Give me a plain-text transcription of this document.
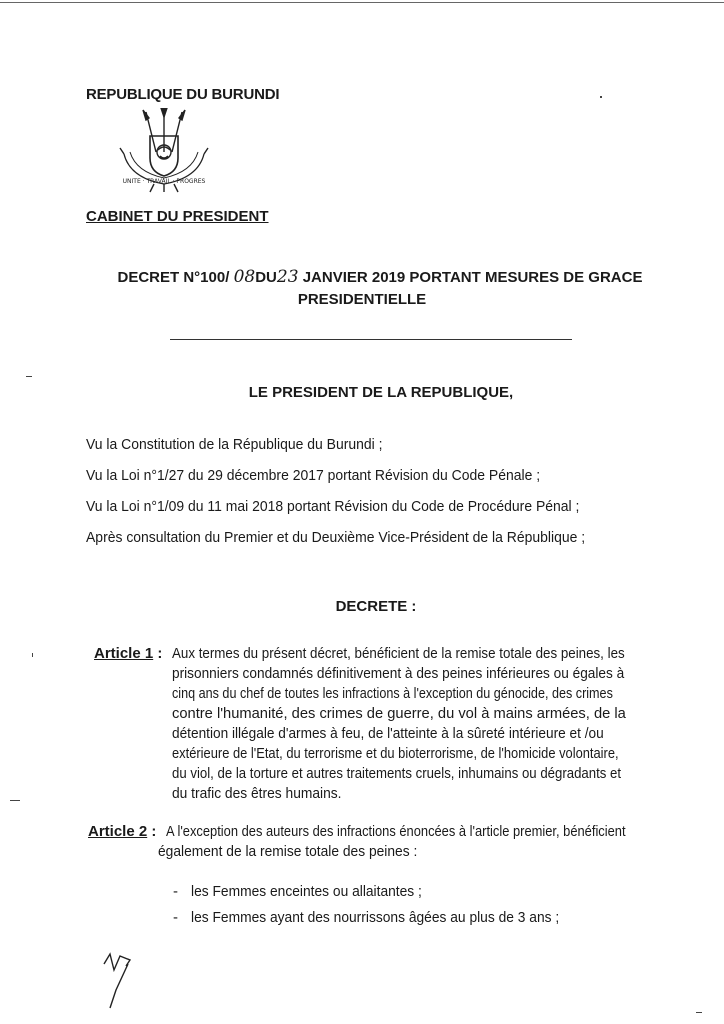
REPUBLIQUE DU BURUNDI
UNITE · TRAVAIL · PROGRES
CABINET DU PRESIDENT
DECRET N°100/ 08DU23 JANVIER 2019 PORTANT MESURES DE GRACE
PRESIDENTIELLE
LE PRESIDENT DE LA REPUBLIQUE,
Vu la Constitution de la République du Burundi ;
Vu la Loi n°1/27 du 29 décembre 2017 portant Révision du Code Pénale ;
Vu la Loi n°1/09 du 11 mai 2018 portant Révision du Code de Procédure Pénal ;
Après consultation du Premier et du Deuxième Vice-Président de la République ;
DECRETE :
Article 1 : Aux termes du présent décret, bénéficient de la remise totale des peines, les
prisonniers condamnés définitivement à des peines inférieures ou égales à
cinq ans du chef de toutes les infractions à l'exception du génocide, des crimes
contre l'humanité, des crimes de guerre, du vol à mains armées, de la
détention illégale d'armes à feu, de l'atteinte à la sûreté intérieure et /ou
extérieure de l'Etat, du terrorisme et du bioterrorisme, de l'homicide volontaire,
du viol, de la torture et autres traitements cruels, inhumains ou dégradants et
du trafic des êtres humains.
Article 2 : A l'exception des auteurs des infractions énoncées à l'article premier, bénéficient
également de la remise totale des peines :
- les Femmes enceintes ou allaitantes ;
- les Femmes ayant des nourrissons âgées au plus de 3 ans ;
